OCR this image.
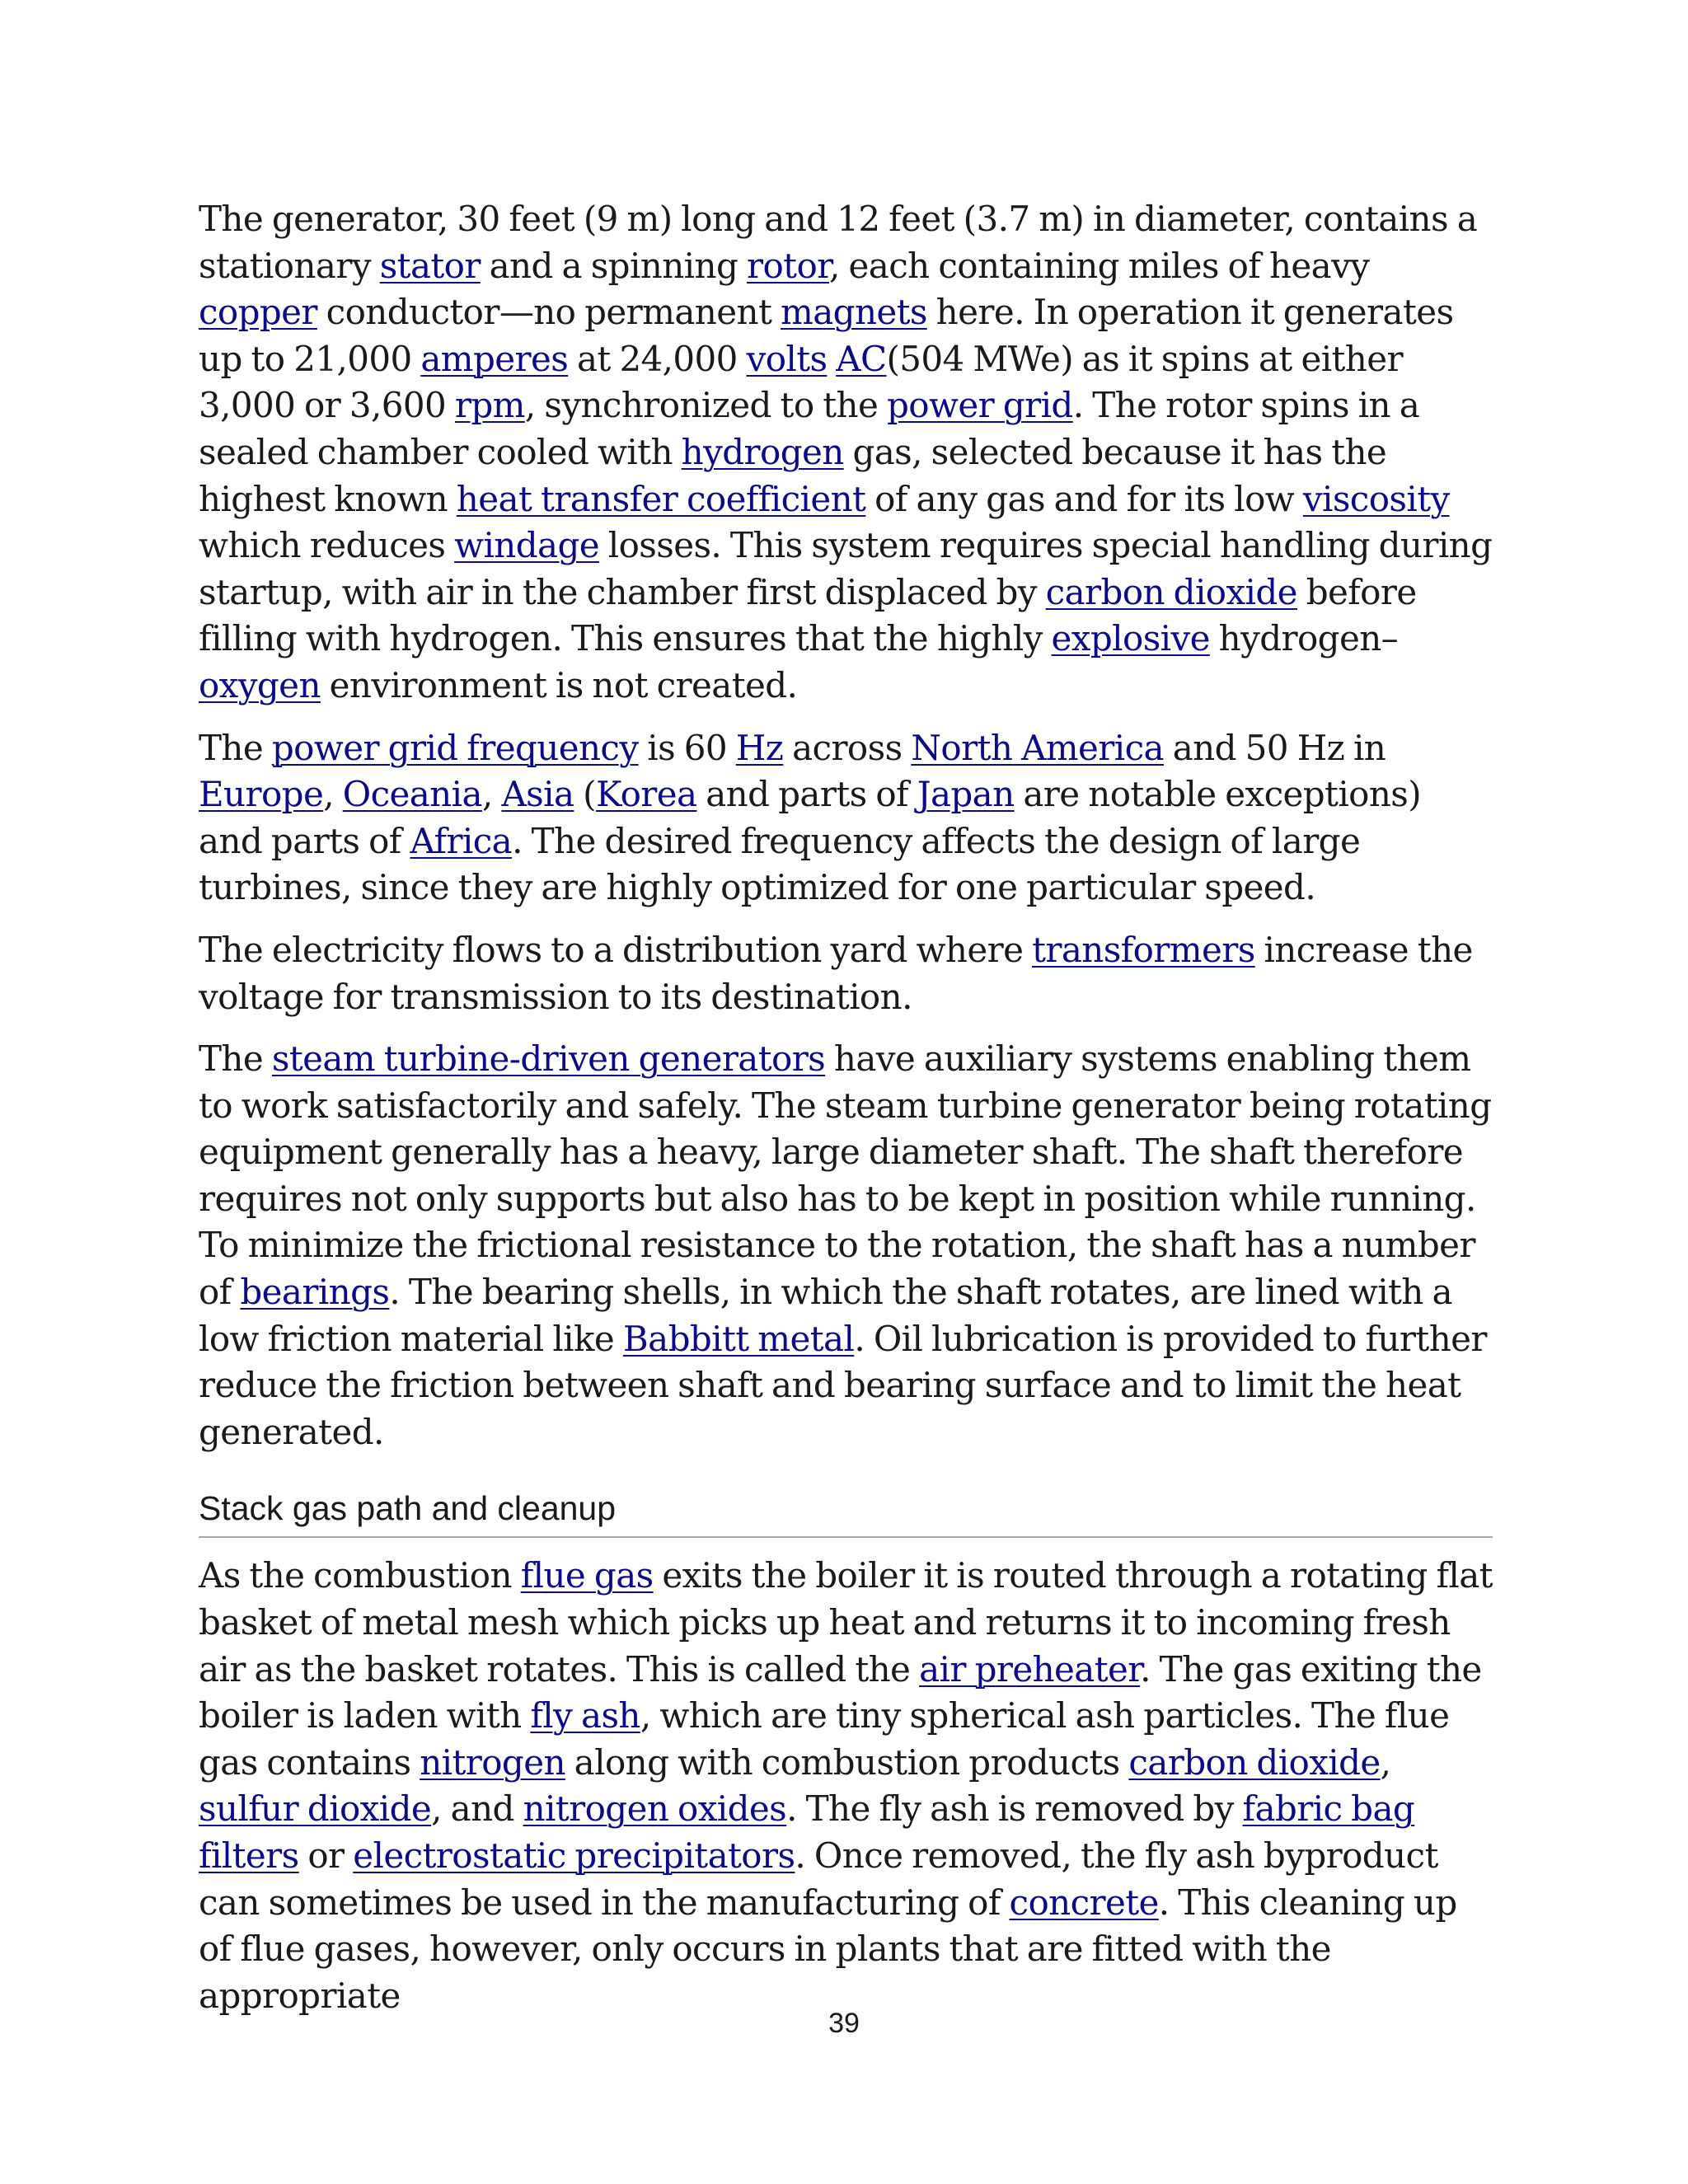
The generator, 30 feet (9 m) long and 12 feet (3.7 m) in diameter, contains a stationary stator and a spinning rotor, each containing miles of heavy copper conductor—no permanent magnets here. In operation it generates up to 21,000 amperes at 24,000 volts AC(504 MWe) as it spins at either 3,000 or 3,600 rpm, synchronized to the power grid. The rotor spins in a sealed chamber cooled with hydrogen gas, selected because it has the highest known heat transfer coefficient of any gas and for its low viscosity which reduces windage losses. This system requires special handling during startup, with air in the chamber first displaced by carbon dioxide before filling with hydrogen. This ensures that the highly explosive hydrogen–oxygen environment is not created.

The power grid frequency is 60 Hz across North America and 50 Hz in Europe, Oceania, Asia (Korea and parts of Japan are notable exceptions) and parts of Africa. The desired frequency affects the design of large turbines, since they are highly optimized for one particular speed.

The electricity flows to a distribution yard where transformers increase the voltage for transmission to its destination.

The steam turbine-driven generators have auxiliary systems enabling them to work satisfactorily and safely. The steam turbine generator being rotating equipment generally has a heavy, large diameter shaft. The shaft therefore requires not only supports but also has to be kept in position while running. To minimize the frictional resistance to the rotation, the shaft has a number of bearings. The bearing shells, in which the shaft rotates, are lined with a low friction material like Babbitt metal. Oil lubrication is provided to further reduce the friction between shaft and bearing surface and to limit the heat generated.

Stack gas path and cleanup

As the combustion flue gas exits the boiler it is routed through a rotating flat basket of metal mesh which picks up heat and returns it to incoming fresh air as the basket rotates. This is called the air preheater. The gas exiting the boiler is laden with fly ash, which are tiny spherical ash particles. The flue gas contains nitrogen along with combustion products carbon dioxide, sulfur dioxide, and nitrogen oxides. The fly ash is removed by fabric bag filters or electrostatic precipitators. Once removed, the fly ash byproduct can sometimes be used in the manufacturing of concrete. This cleaning up of flue gases, however, only occurs in plants that are fitted with the appropriate

39
